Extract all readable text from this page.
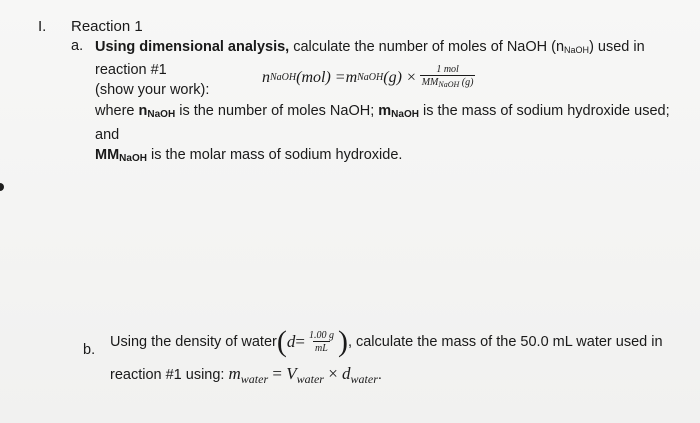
I. Reaction 1
a. Using dimensional analysis, calculate the number of moles of NaOH (nNaOH) used in reaction #1
(show your work):
n NaOH (mol) = m NaOH $(g) \times \frac{\text{1 mol}}{MM_{NaOH} (g)}$
where nNaOH is the number of moles NaOH; mNaOH is the mass of sodium hydroxide used; and
MMNaOH is the molar mass of sodium hydroxide.
b. Using the density of water ( $d = \frac{1.00 g}{mL}$ ) , calculate the mass of the 50.0 mL water used in
reaction #1 using: $m_{water} = V_{water} \times d_{water}$.
